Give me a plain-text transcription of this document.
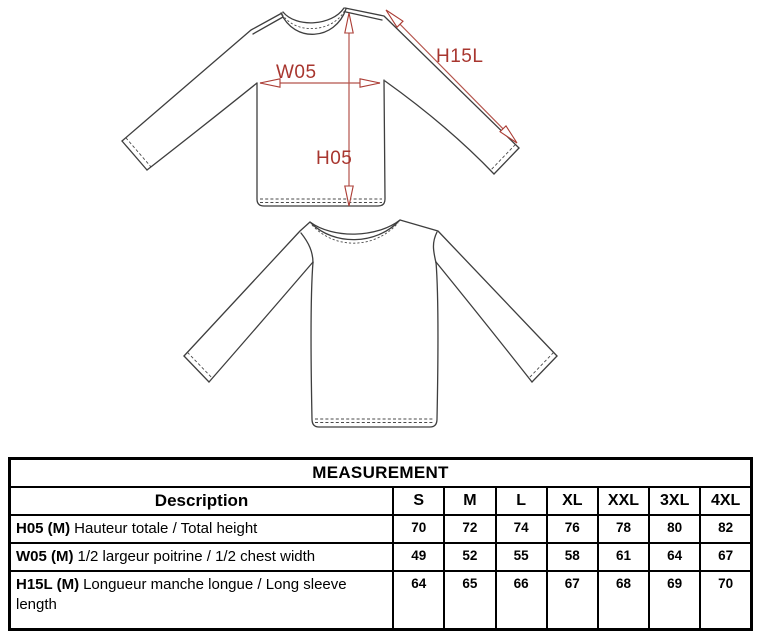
W05
H05
H15L
MEASUREMENT							
Description	S	M	L	XL	XXL	3XL	4XL
H05 (M) Hauteur totale / Total height	70	72	74	76	78	80	82
W05 (M) 1/2 largeur poitrine / 1/2 chest width	49	52	55	58	61	64	67
H15L (M) Longueur manche longue / Long sleeve length	64	65	66	67	68	69	70
